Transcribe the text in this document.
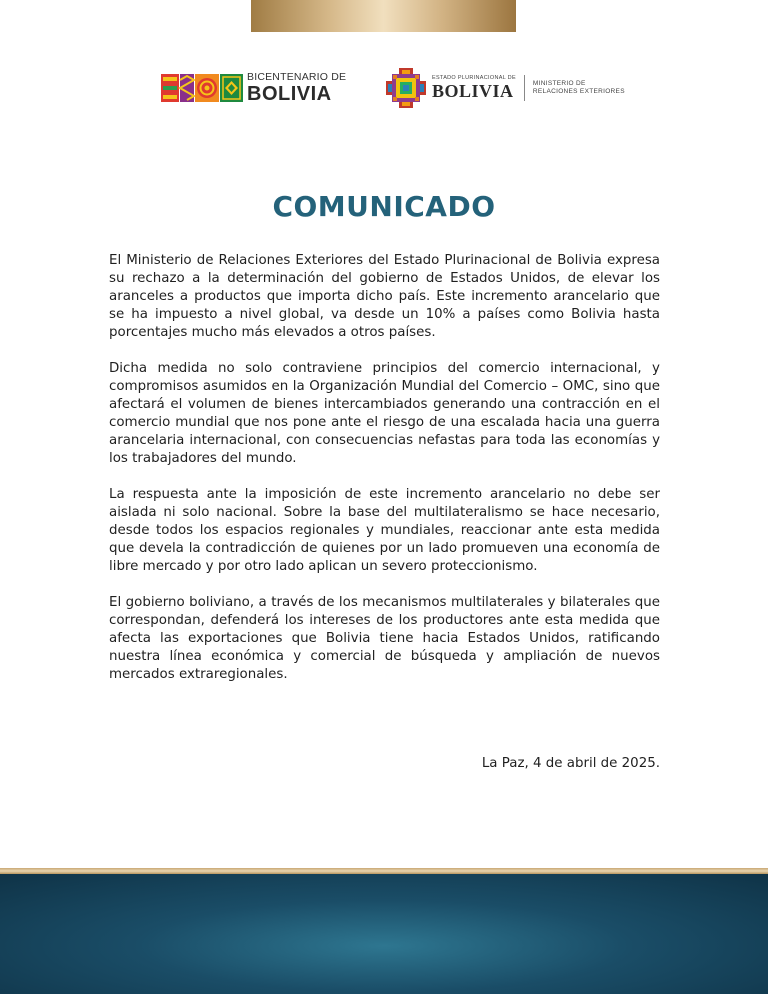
BICENTENARIO DE
BOLIVIA
ESTADO PLURINACIONAL DE
BOLIVIA	MINISTERIO DE
RELACIONES EXTERIORES
COMUNICADO

El Ministerio de Relaciones Exteriores del Estado Plurinacional de Bolivia expresa su rechazo a la determinación del gobierno de Estados Unidos, de elevar los aranceles a productos que importa dicho país. Este incremento arancelario que se ha impuesto a nivel global, va desde un 10% a países como Bolivia hasta porcentajes mucho más elevados a otros países.

Dicha medida no solo contraviene principios del comercio internacional, y compromisos asumidos en la Organización Mundial del Comercio – OMC, sino que afectará el volumen de bienes intercambiados generando una contracción en el comercio mundial que nos pone ante el riesgo de una escalada hacia una guerra arancelaria internacional, con consecuencias nefastas para toda las economías y los trabajadores del mundo.

La respuesta ante la imposición de este incremento arancelario no debe ser aislada ni solo nacional. Sobre la base del multilateralismo se hace necesario, desde todos los espacios regionales y mundiales, reaccionar ante esta medida que devela la contradicción de quienes por un lado promueven una economía de libre mercado y por otro lado aplican un severo proteccionismo.

El gobierno boliviano, a través de los mecanismos multilaterales y bilaterales que correspondan, defenderá los intereses de los productores ante esta medida que afecta las exportaciones que Bolivia tiene hacia Estados Unidos, ratificando nuestra línea económica y comercial de búsqueda y ampliación de nuevos mercados extraregionales.

La Paz, 4 de abril de 2025.
